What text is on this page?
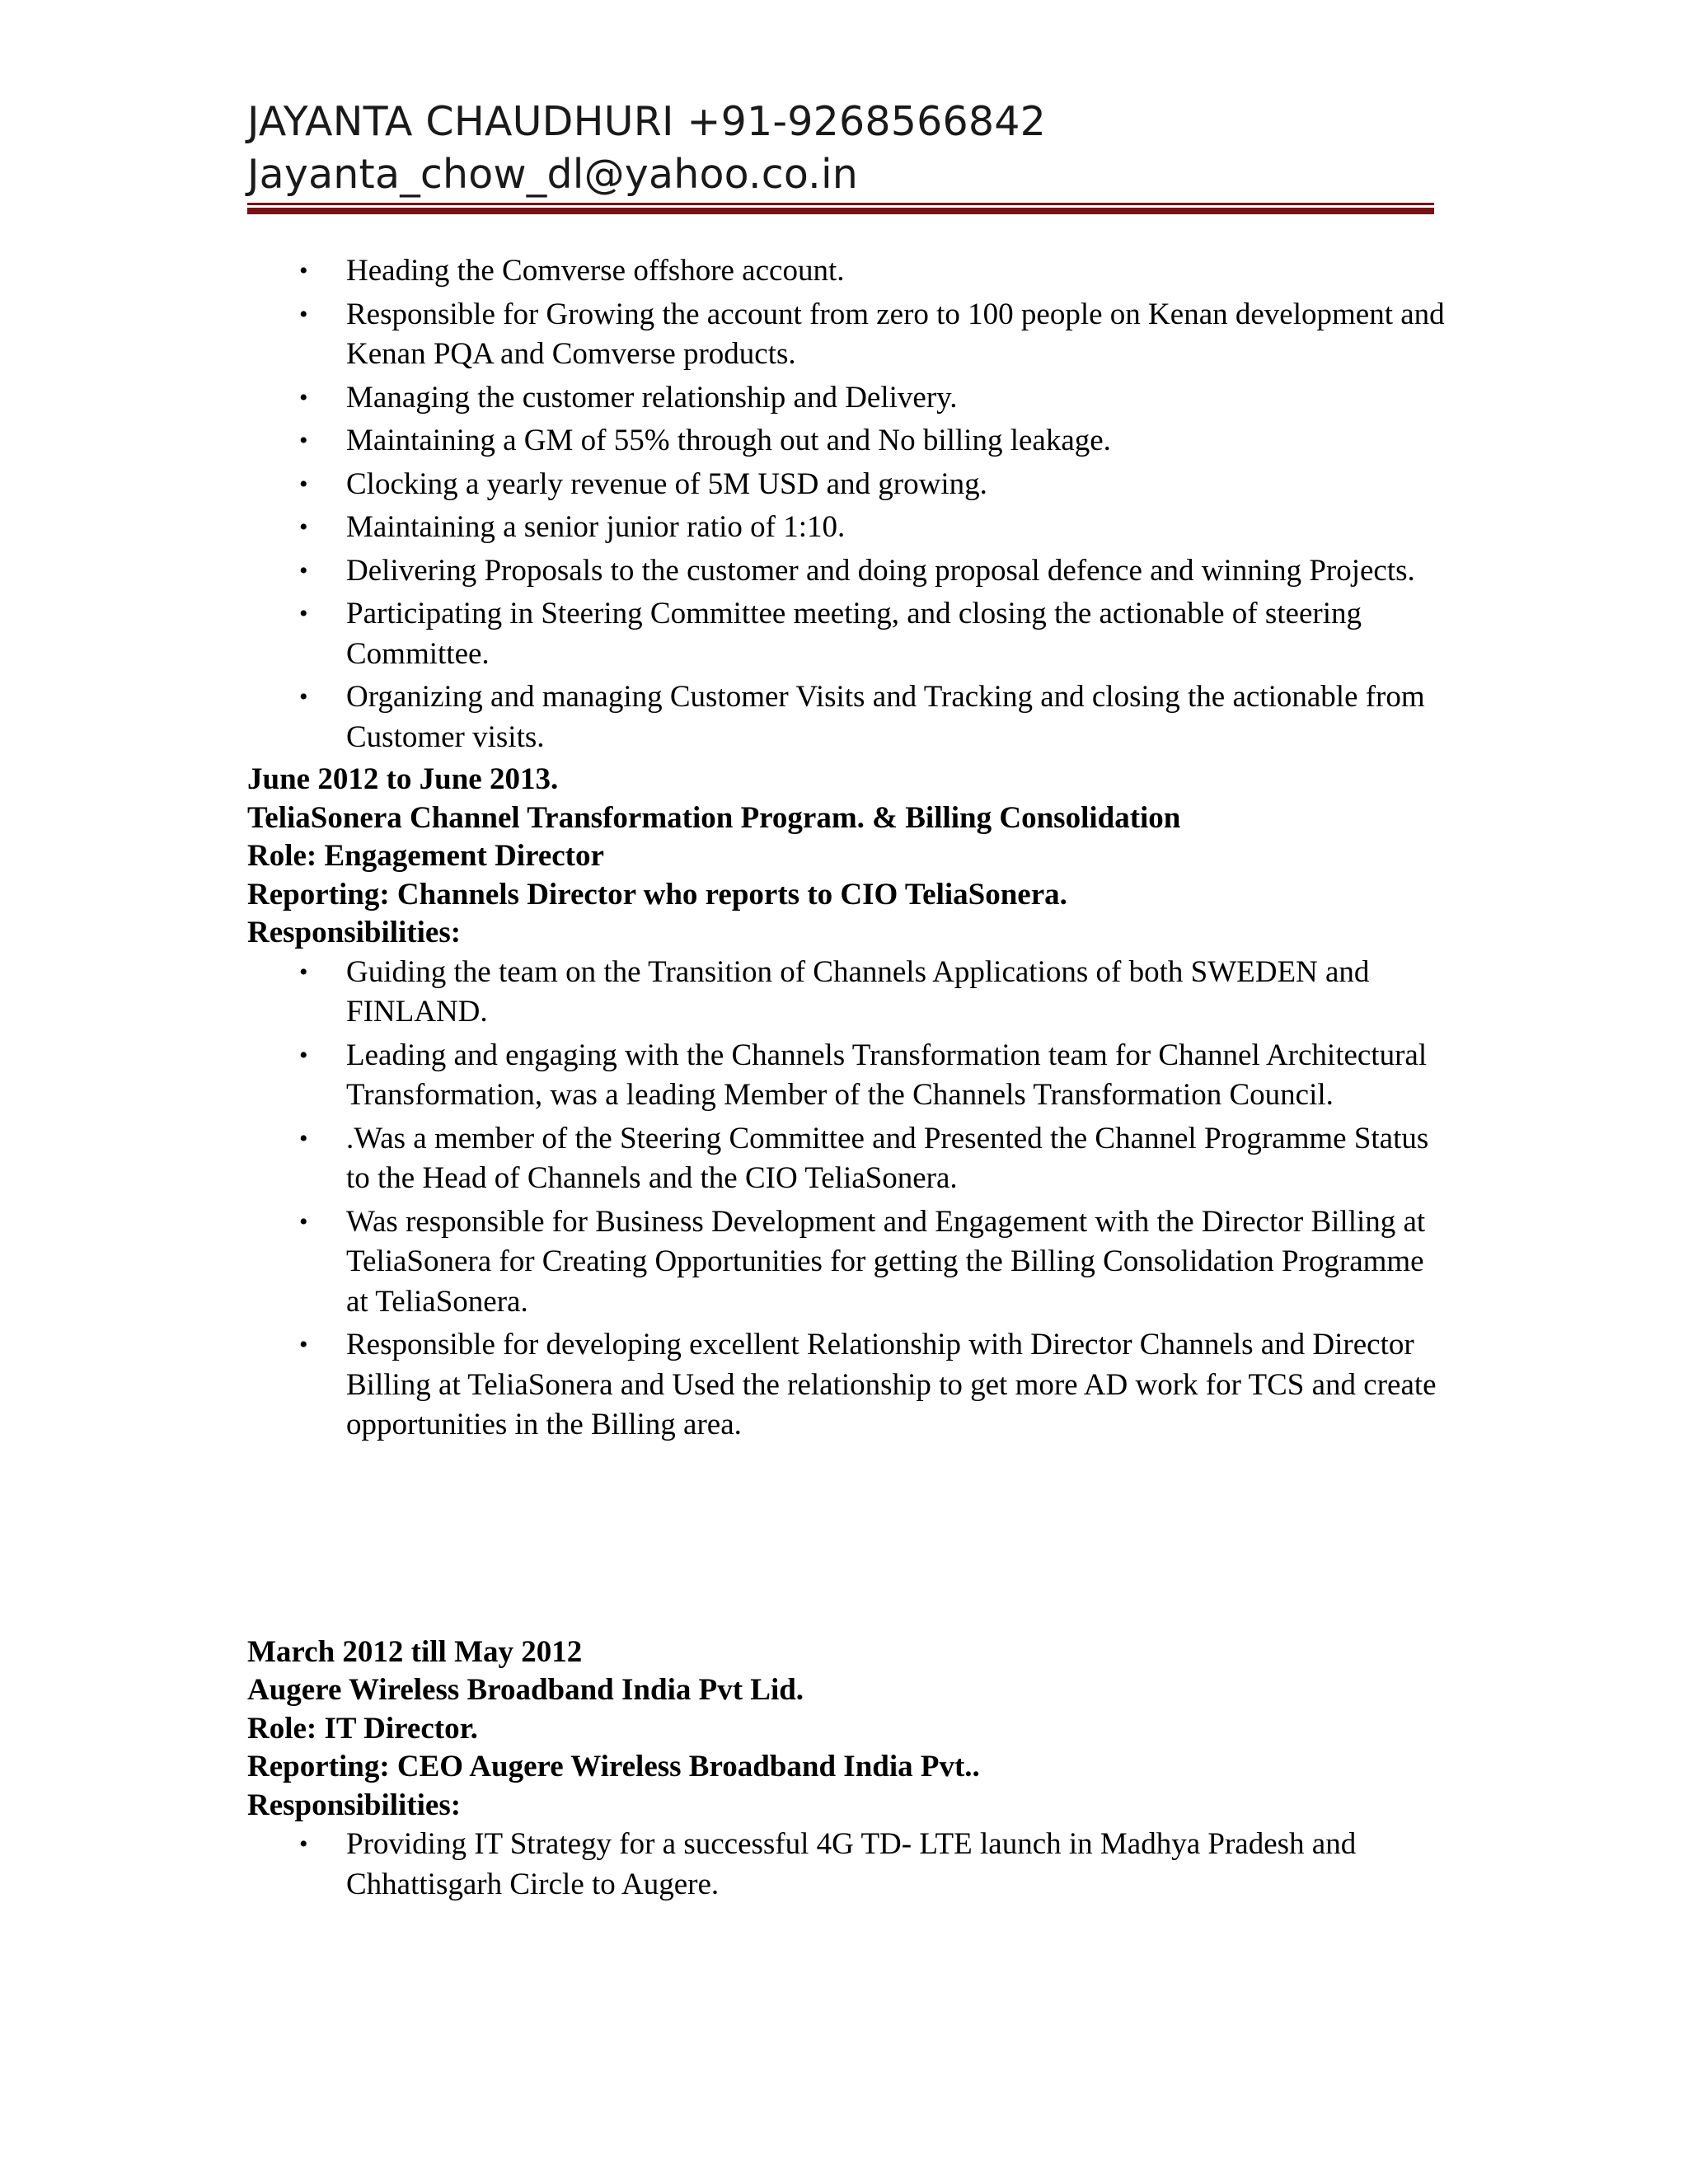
JAYANTA CHAUDHURI +91-9268566842
Jayanta_chow_dl@yahoo.co.in
• Heading the Comverse offshore account.
• Responsible for Growing the account from zero to 100 people on Kenan development and Kenan PQA and Comverse products.
• Managing the customer relationship and Delivery.
• Maintaining a GM of 55% through out and No billing leakage.
• Clocking a yearly revenue of 5M USD and growing.
• Maintaining a senior junior ratio of 1:10.
• Delivering Proposals to the customer and doing proposal defence and winning Projects.
• Participating in Steering Committee meeting, and closing the actionable of steering Committee.
• Organizing and managing Customer Visits and Tracking and closing the actionable from Customer visits.
June 2012 to June 2013.
TeliaSonera Channel Transformation Program. & Billing Consolidation
Role: Engagement Director
Reporting: Channels Director who reports to CIO TeliaSonera.
Responsibilities:
• Guiding the team on the Transition of Channels Applications of both SWEDEN and FINLAND.
• Leading and engaging with the Channels Transformation team for Channel Architectural Transformation, was a leading Member of the Channels Transformation Council.
• .Was a member of the Steering Committee and Presented the Channel Programme Status to the Head of Channels and the CIO TeliaSonera.
• Was responsible for Business Development and Engagement with the Director Billing at TeliaSonera for Creating Opportunities for getting the Billing Consolidation Programme at TeliaSonera.
• Responsible for developing excellent Relationship with Director Channels and Director Billing at TeliaSonera and Used the relationship to get more AD work for TCS and create opportunities in the Billing area.
March 2012 till May 2012
Augere Wireless Broadband India Pvt Lid.
Role: IT Director.
Reporting: CEO Augere Wireless Broadband India Pvt..
Responsibilities:
• Providing IT Strategy for a successful 4G TD- LTE launch in Madhya Pradesh and Chhattisgarh Circle to Augere.
